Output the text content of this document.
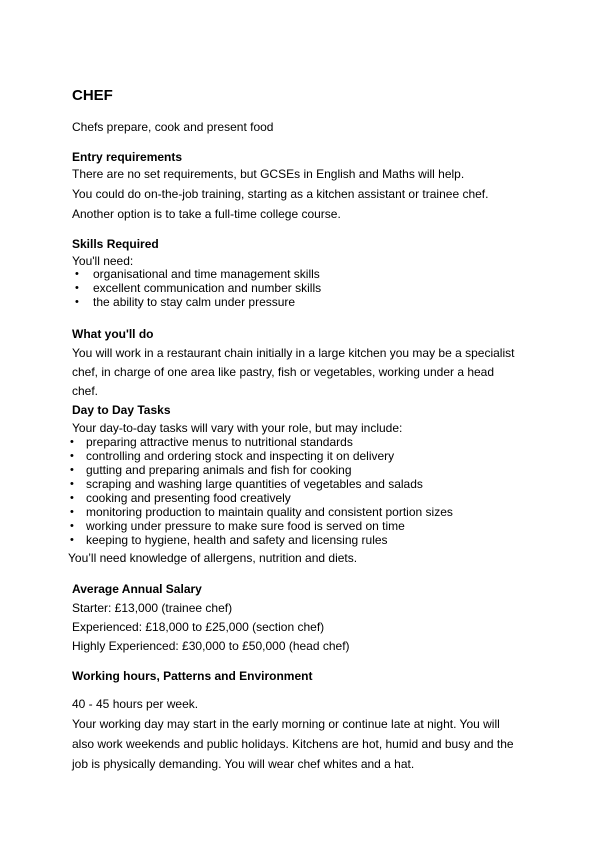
CHEF
Chefs prepare, cook and present food
Entry requirements
There are no set requirements, but GCSEs in English and Maths will help.
You could do on-the-job training, starting as a kitchen assistant or trainee chef.
Another option is to take a full-time college course.
Skills Required
You'll need:
• organisational and time management skills
• excellent communication and number skills
• the ability to stay calm under pressure
What you'll do
You will work in a restaurant chain initially in a large kitchen you may be a specialist
chef, in charge of one area like pastry, fish or vegetables, working under a head
chef.
Day to Day Tasks
Your day-to-day tasks will vary with your role, but may include:
• preparing attractive menus to nutritional standards
• controlling and ordering stock and inspecting it on delivery
• gutting and preparing animals and fish for cooking
• scraping and washing large quantities of vegetables and salads
• cooking and presenting food creatively
• monitoring production to maintain quality and consistent portion sizes
• working under pressure to make sure food is served on time
• keeping to hygiene, health and safety and licensing rules
You’ll need knowledge of allergens, nutrition and diets.
Average Annual Salary
Starter: £13,000 (trainee chef)
Experienced: £18,000 to £25,000 (section chef)
Highly Experienced: £30,000 to £50,000 (head chef)
Working hours, Patterns and Environment
40 - 45 hours per week.
Your working day may start in the early morning or continue late at night. You will
also work weekends and public holidays. Kitchens are hot, humid and busy and the
job is physically demanding. You will wear chef whites and a hat.
